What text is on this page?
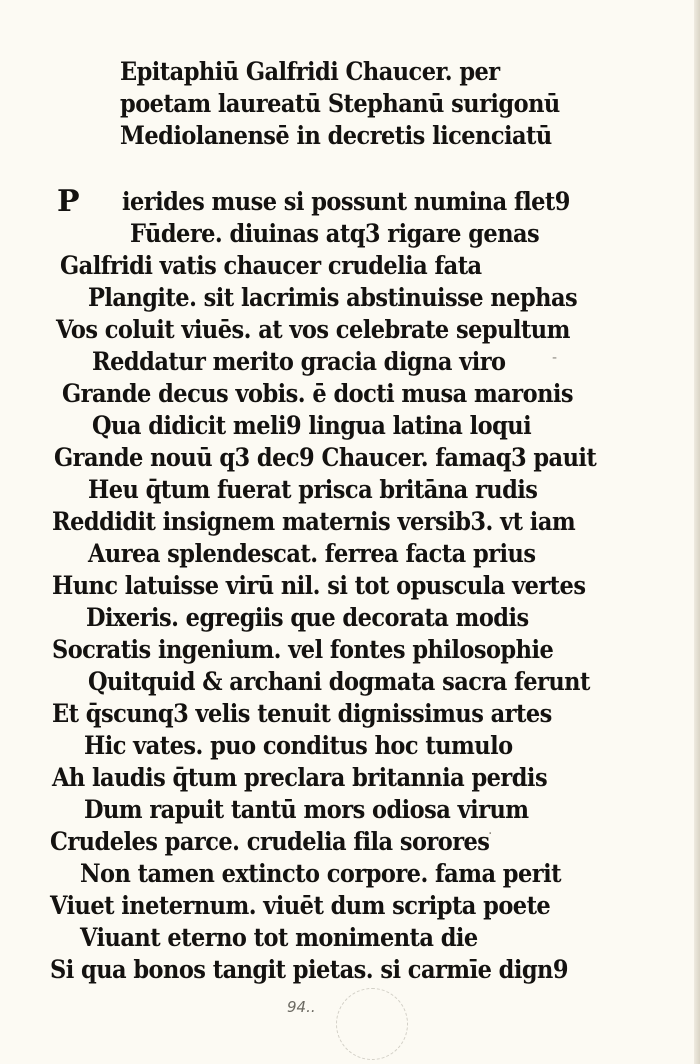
Epitaphiū Galfridi Chaucer. per
poetam laureatū Stephanū surigonū
Mediolanensē in decretis licenciatū
P ierides muse si possunt numina flet9
Fūdere. diuinas atq3 rigare genas
Galfridi vatis chaucer crudelia fata
Plangite. sit lacrimis abstinuisse nephas
Vos coluit viuēs. at vos celebrate sepultum
Reddatur merito gracia digna viro
Grande decus vobis. ē docti musa maronis
Qua didicit meli9 lingua latina loqui
Grande nouū q3 dec9 Chaucer. famaq3 pauit
Heu q̄tum fuerat prisca britāna rudis
Reddidit insignem maternis versib3. vt iam
Aurea splendescat. ferrea facta prius
Hunc latuisse virū nil. si tot opuscula vertes
Dixeris. egregiis que decorata modis
Socratis ingenium. vel fontes philosophie
Quitquid & archani dogmata sacra ferunt
Et q̄scunq3 velis tenuit dignissimus artes
Hic vates. puo conditus hoc tumulo
Ah laudis q̄tum preclara britannia perdis
Dum rapuit tantū mors odiosa virum
Crudeles parce. crudelia fila sorores
Non tamen extincto corpore. fama perit
Viuet ineternum. viuēt dum scripta poete
Viuant eterno tot monimenta die
Si qua bonos tangit pietas. si carmīe dign9
-
·
94..
